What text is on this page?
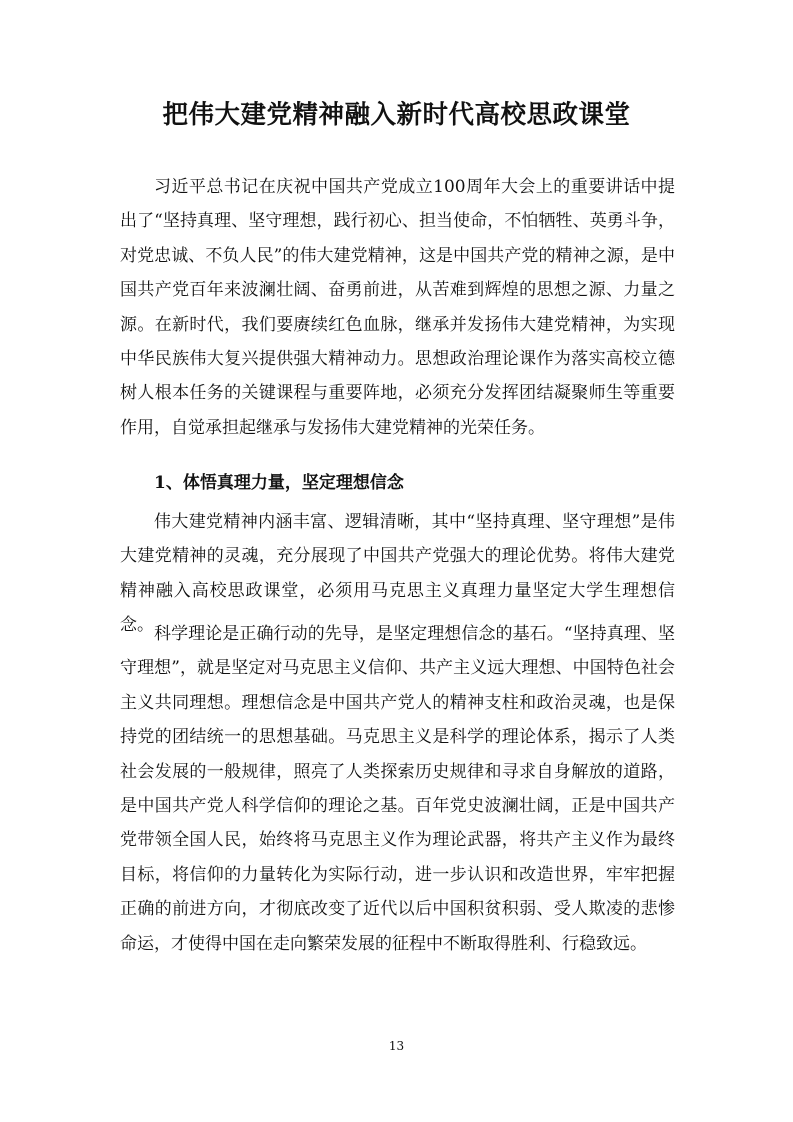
把伟大建党精神融入新时代高校思政课堂

习近平总书记在庆祝中国共产党成立100周年大会上的重要讲话中提出了“坚持真理、坚守理想，践行初心、担当使命，不怕牺牲、英勇斗争，对党忠诚、不负人民”的伟大建党精神，这是中国共产党的精神之源，是中国共产党百年来波澜壮阔、奋勇前进，从苦难到辉煌的思想之源、力量之源。在新时代，我们要赓续红色血脉，继承并发扬伟大建党精神，为实现中华民族伟大复兴提供强大精神动力。思想政治理论课作为落实高校立德树人根本任务的关键课程与重要阵地，必须充分发挥团结凝聚师生等重要作用，自觉承担起继承与发扬伟大建党精神的光荣任务。

1、体悟真理力量，坚定理想信念

伟大建党精神内涵丰富、逻辑清晰，其中“坚持真理、坚守理想”是伟大建党精神的灵魂，充分展现了中国共产党强大的理论优势。将伟大建党精神融入高校思政课堂，必须用马克思主义真理力量坚定大学生理想信念。 科学理论是正确行动的先导，是坚定理想信念的基石。“坚持真理、坚守理想”，就是坚定对马克思主义信仰、共产主义远大理想、中国特色社会主义共同理想。理想信念是中国共产党人的精神支柱和政治灵魂，也是保持党的团结统一的思想基础。马克思主义是科学的理论体系，揭示了人类社会发展的一般规律，照亮了人类探索历史规律和寻求自身解放的道路，是中国共产党人科学信仰的理论之基。百年党史波澜壮阔，正是中国共产党带领全国人民，始终将马克思主义作为理论武器，将共产主义作为最终目标，将信仰的力量转化为实际行动，进一步认识和改造世界，牢牢把握正确的前进方向，才彻底改变了近代以后中国积贫积弱、受人欺凌的悲惨命运，才使得中国在走向繁荣发展的征程中不断取得胜利、行稳致远。

13
